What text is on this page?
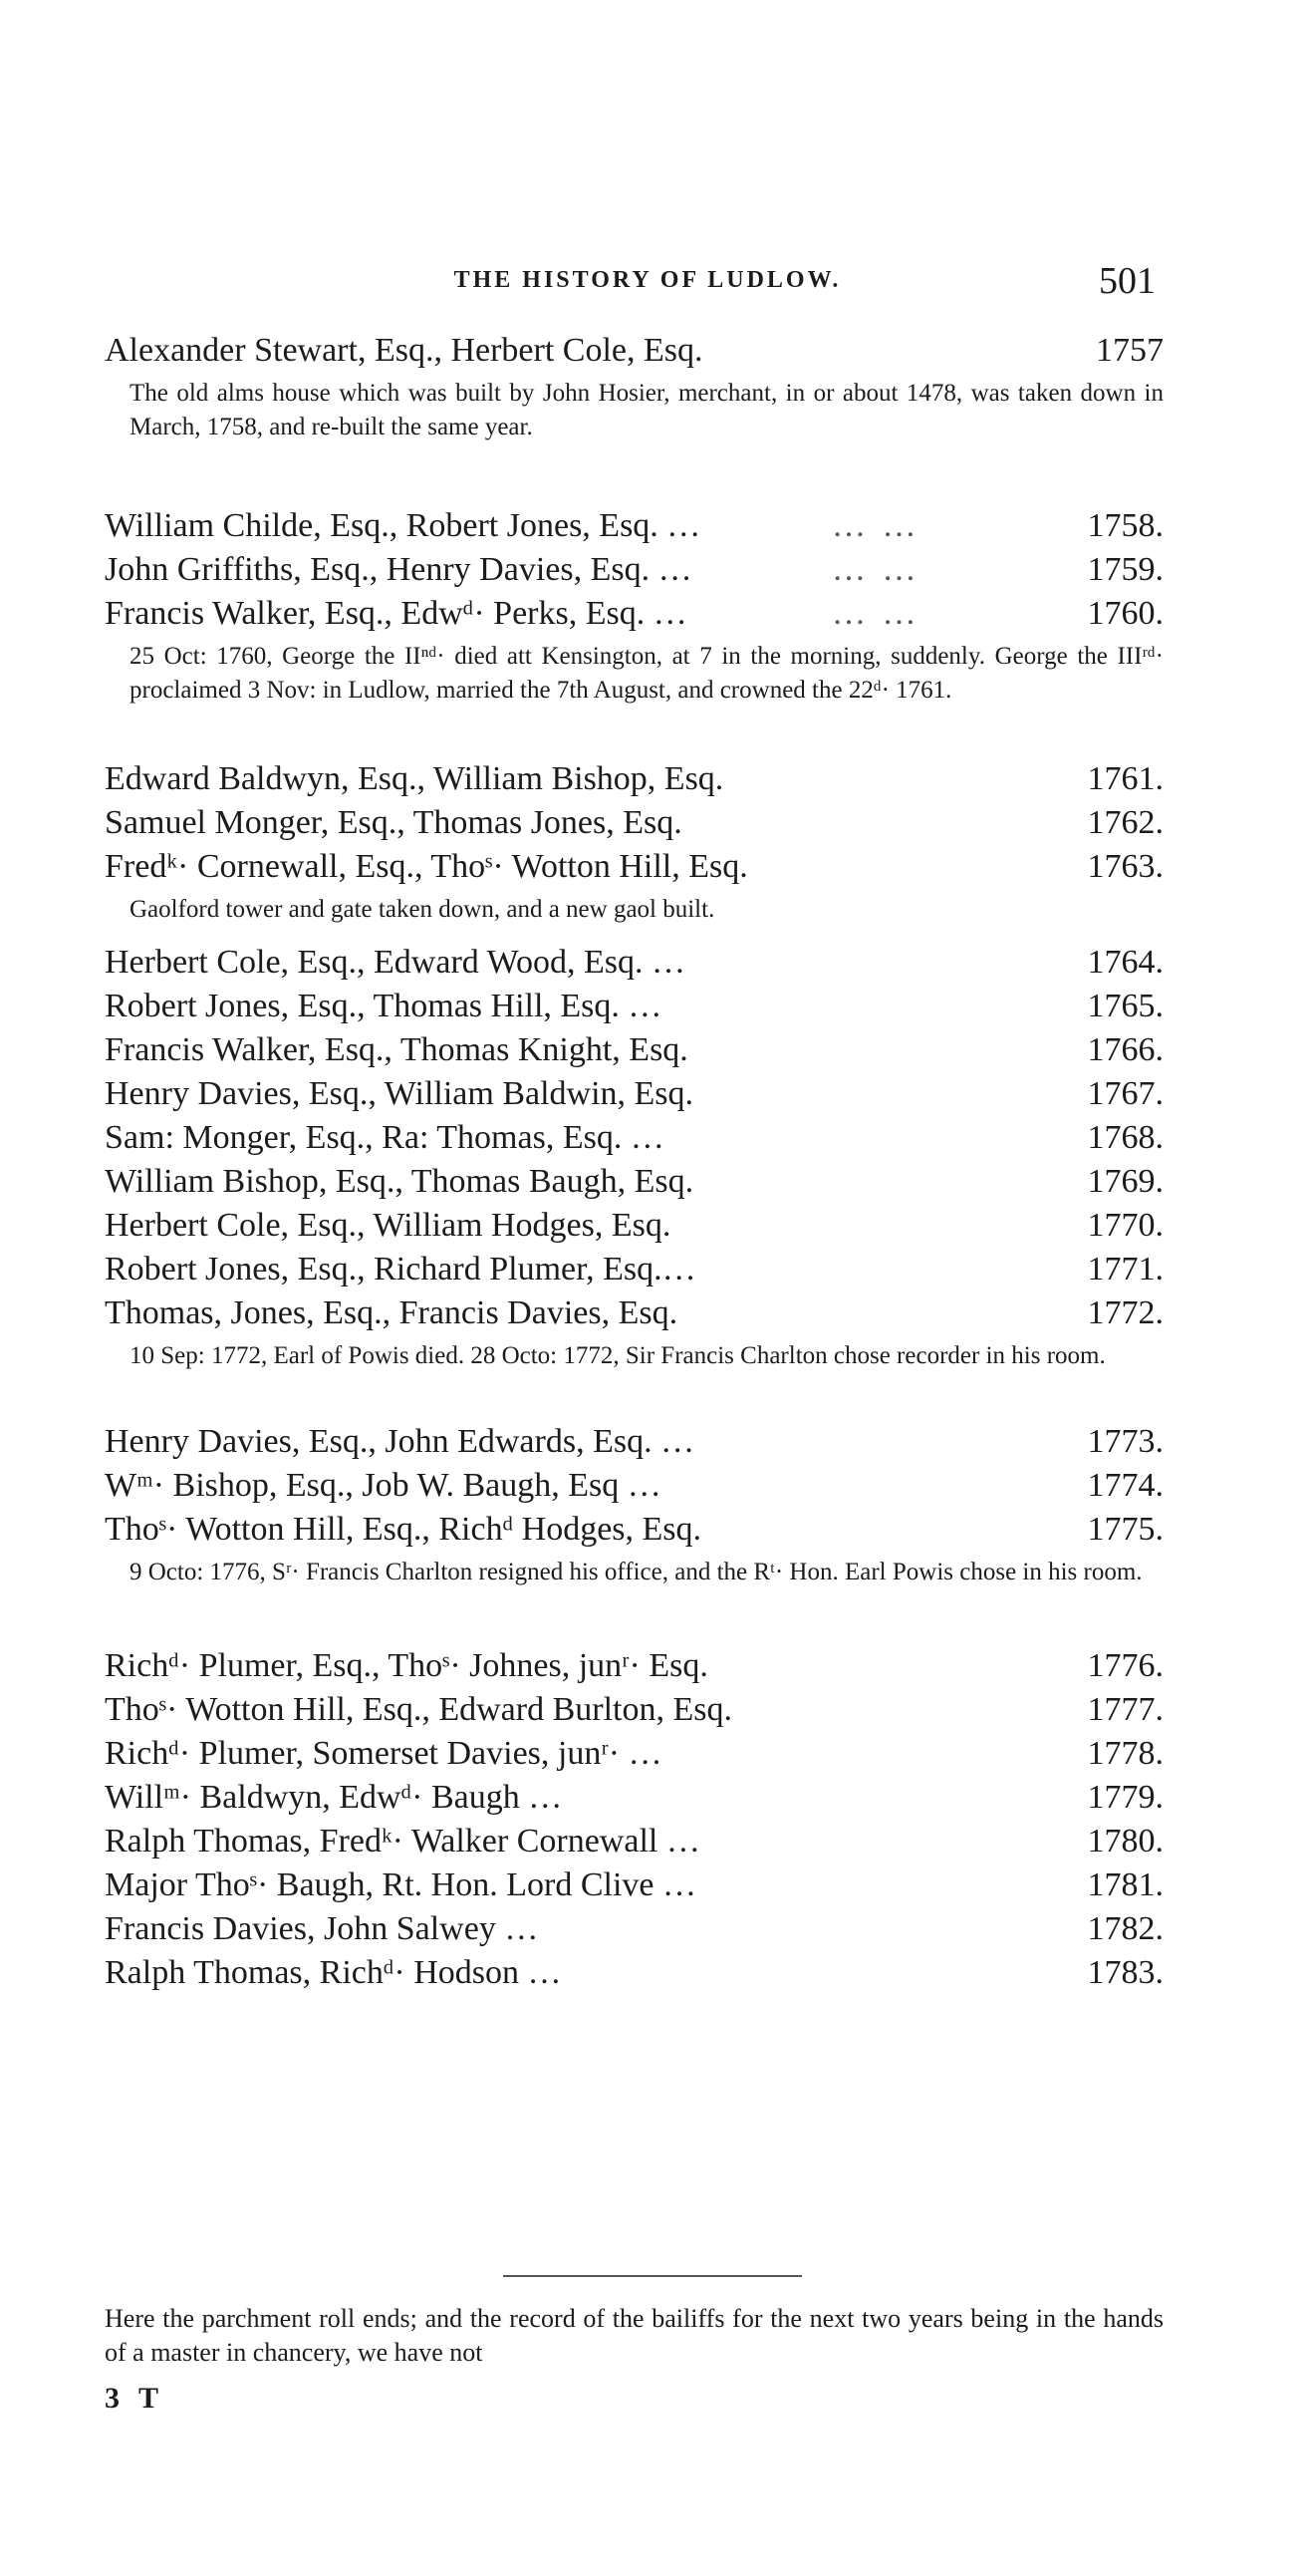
THE HISTORY OF LUDLOW.	501
Alexander Stewart, Esq., Herbert Cole, Esq.	1757
The old alms house which was built by John Hosier, merchant, in or about 1478, was taken down in March, 1758, and re-built the same year.
William Childe, Esq., Robert Jones, Esq. …	… …	1758.
John Griffiths, Esq., Henry Davies, Esq. …	… …	1759.
Francis Walker, Esq., Edwᵈ· Perks, Esq. …	… …	1760.
25 Oct: 1760, George the IIⁿᵈ· died att Kensington, at 7 in the morning, suddenly. George the IIIʳᵈ· proclaimed 3 Nov: in Ludlow, married the 7th August, and crowned the 22ᵈ· 1761.
Edward Baldwyn, Esq., William Bishop, Esq.	1761.
Samuel Monger, Esq., Thomas Jones, Esq.	1762.
Fredᵏ· Cornewall, Esq., Thoˢ· Wotton Hill, Esq.	1763.
Gaolford tower and gate taken down, and a new gaol built.
Herbert Cole, Esq., Edward Wood, Esq. …	1764.
Robert Jones, Esq., Thomas Hill, Esq. …	1765.
Francis Walker, Esq., Thomas Knight, Esq.	1766.
Henry Davies, Esq., William Baldwin, Esq.	1767.
Sam: Monger, Esq., Ra: Thomas, Esq. …	1768.
William Bishop, Esq., Thomas Baugh, Esq.	1769.
Herbert Cole, Esq., William Hodges, Esq.	1770.
Robert Jones, Esq., Richard Plumer, Esq.…	1771.
Thomas, Jones, Esq., Francis Davies, Esq.	1772.
10 Sep: 1772, Earl of Powis died. 28 Octo: 1772, Sir Francis Charlton chose recorder in his room.
Henry Davies, Esq., John Edwards, Esq. …	1773.
Wᵐ· Bishop, Esq., Job W. Baugh, Esq …	1774.
Thoˢ· Wotton Hill, Esq., Richᵈ Hodges, Esq.	1775.
9 Octo: 1776, Sʳ· Francis Charlton resigned his office, and the Rᵗ· Hon. Earl Powis chose in his room.
Richᵈ· Plumer, Esq., Thoˢ· Johnes, junʳ· Esq.	1776.
Thoˢ· Wotton Hill, Esq., Edward Burlton, Esq.	1777.
Richᵈ· Plumer, Somerset Davies, junʳ· …	1778.
Willᵐ· Baldwyn, Edwᵈ· Baugh …	1779.
Ralph Thomas, Fredᵏ· Walker Cornewall …	1780.
Major Thoˢ· Baugh, Rt. Hon. Lord Clive …	1781.
Francis Davies, John Salwey …	1782.
Ralph Thomas, Richᵈ· Hodson …	1783.
Here the parchment roll ends; and the record of the bailiffs for the next two years being in the hands of a master in chancery, we have not
3 T
